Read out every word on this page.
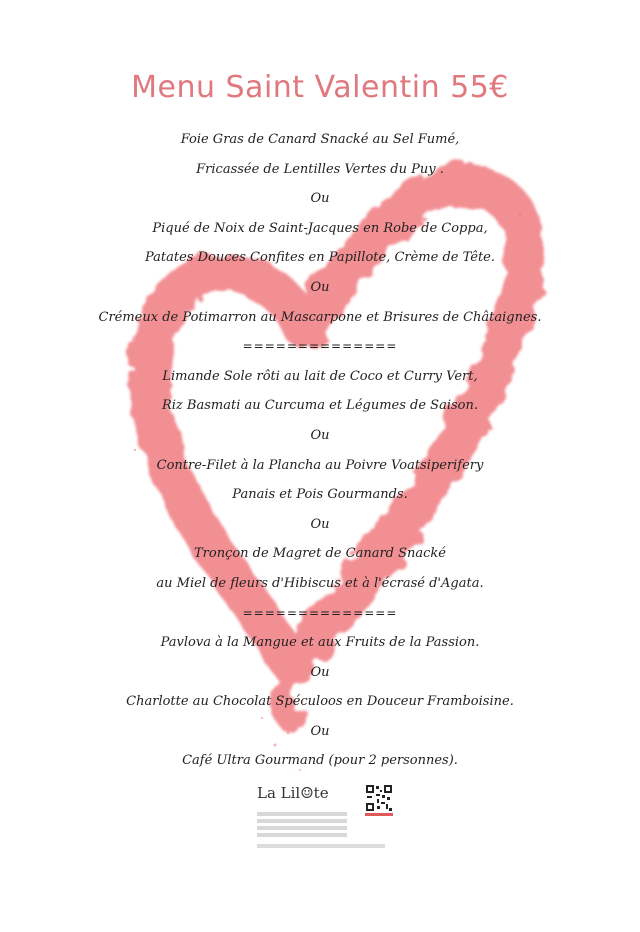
Menu Saint Valentin 55€
Foie Gras de Canard Snacké au Sel Fumé,
Fricassée de Lentilles Vertes du Puy .
Ou
Piqué de Noix de Saint-Jacques en Robe de Coppa,
Patates Douces Confites en Papillote, Crème de Tête.
Ou
Crémeux de Potimarron au Mascarpone et Brisures de Châtaignes.
==============
Limande Sole rôti au lait de Coco et Curry Vert,
Riz Basmati au Curcuma et Légumes de Saison.
Ou
Contre-Filet à la Plancha au Poivre Voatsiperifery
Panais et Pois Gourmands.
Ou
Tronçon de Magret de Canard Snacké
au Miel de fleurs d'Hibiscus et à l'écrasé d'Agata.
==============
Pavlova à la Mangue et aux Fruits de la Passion.
Ou
Charlotte au Chocolat Spéculoos en Douceur Framboisine.
Ou
Café Ultra Gourmand (pour 2 personnes).
La Lil☺te
